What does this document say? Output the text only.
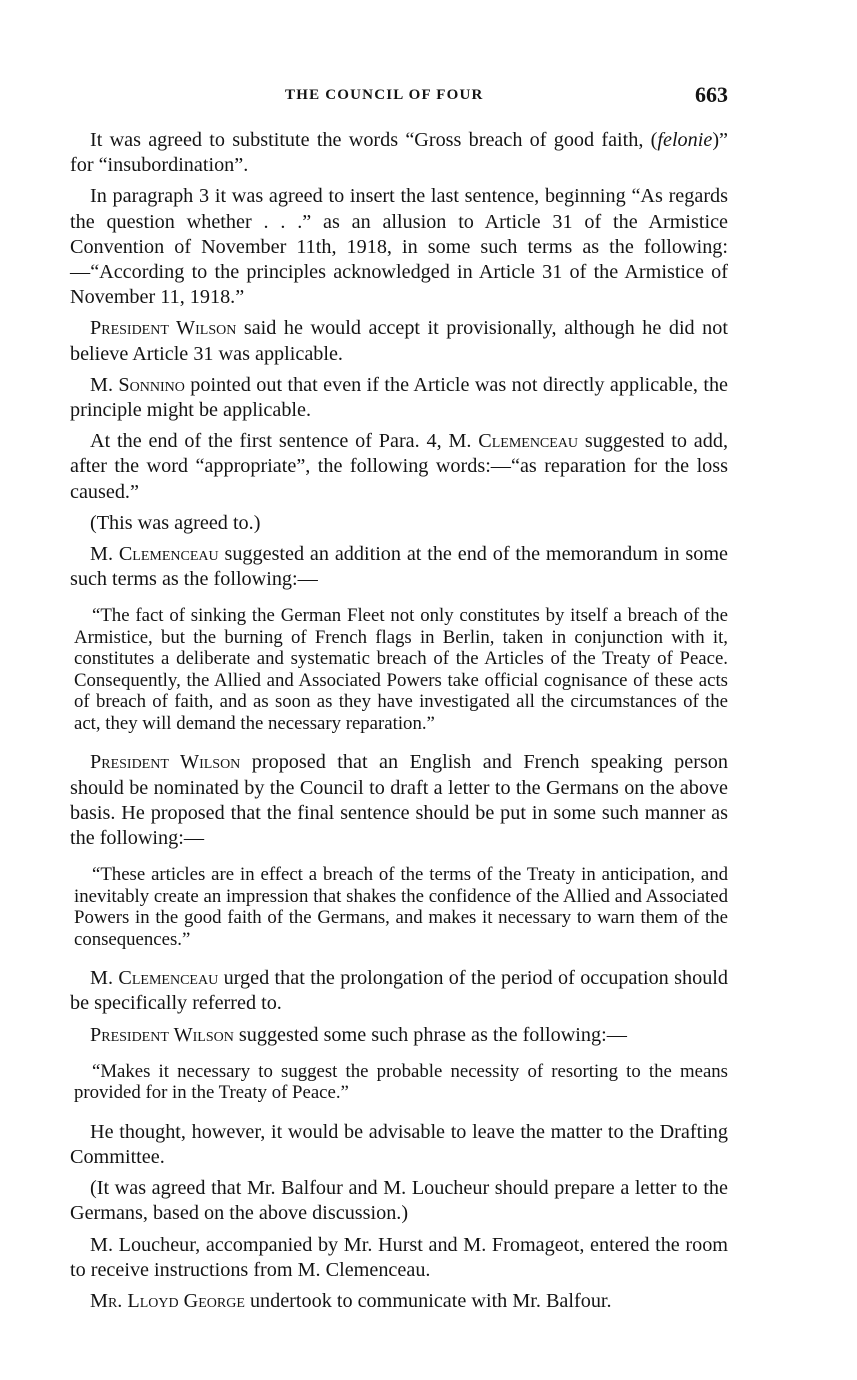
THE COUNCIL OF FOUR	663

It was agreed to substitute the words “Gross breach of good faith, (felonie)” for “insubordination”.

In paragraph 3 it was agreed to insert the last sentence, beginning “As regards the question whether . . .” as an allusion to Article 31 of the Armistice Convention of November 11th, 1918, in some such terms as the following:—“According to the principles acknowledged in Article 31 of the Armistice of November 11, 1918.”

President Wilson said he would accept it provisionally, although he did not believe Article 31 was applicable.

M. Sonnino pointed out that even if the Article was not directly applicable, the principle might be applicable.

At the end of the first sentence of Para. 4, M. Clemenceau suggested to add, after the word “appropriate”, the following words:—“as reparation for the loss caused.”

(This was agreed to.)

M. Clemenceau suggested an addition at the end of the memorandum in some such terms as the following:—

“The fact of sinking the German Fleet not only constitutes by itself a breach of the Armistice, but the burning of French flags in Berlin, taken in conjunction with it, constitutes a deliberate and systematic breach of the Articles of the Treaty of Peace. Consequently, the Allied and Associated Powers take official cognisance of these acts of breach of faith, and as soon as they have investigated all the circumstances of the act, they will demand the necessary reparation.”

President Wilson proposed that an English and French speaking person should be nominated by the Council to draft a letter to the Germans on the above basis. He proposed that the final sentence should be put in some such manner as the following:—

“These articles are in effect a breach of the terms of the Treaty in anticipation, and inevitably create an impression that shakes the confidence of the Allied and Associated Powers in the good faith of the Germans, and makes it necessary to warn them of the consequences.”

M. Clemenceau urged that the prolongation of the period of occupation should be specifically referred to.

President Wilson suggested some such phrase as the following:—

“Makes it necessary to suggest the probable necessity of resorting to the means provided for in the Treaty of Peace.”

He thought, however, it would be advisable to leave the matter to the Drafting Committee.

(It was agreed that Mr. Balfour and M. Loucheur should prepare a letter to the Germans, based on the above discussion.)

M. Loucheur, accompanied by Mr. Hurst and M. Fromageot, entered the room to receive instructions from M. Clemenceau.

Mr. Lloyd George undertook to communicate with Mr. Balfour.
